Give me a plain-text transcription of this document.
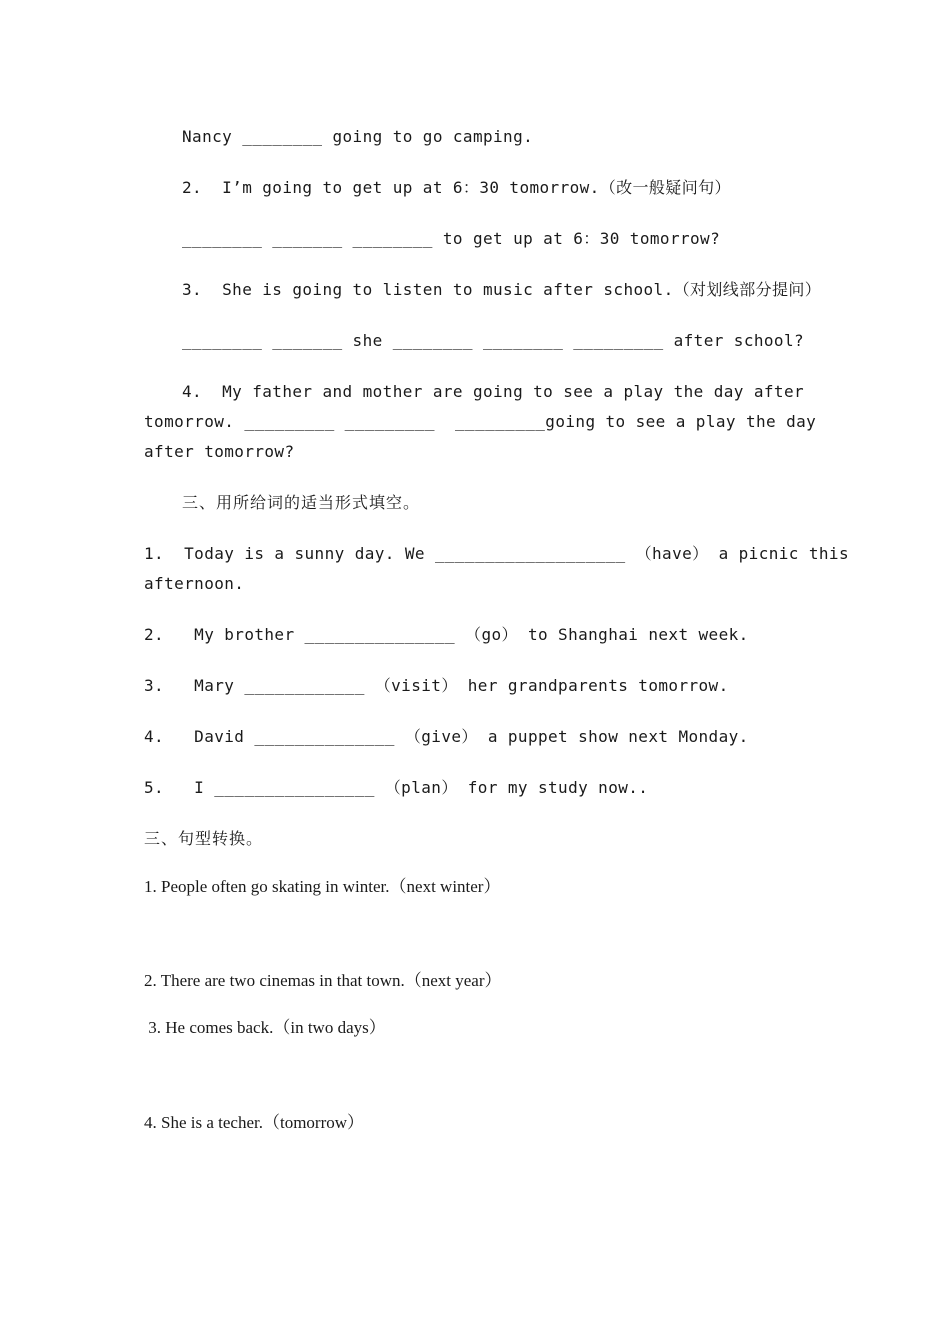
Nancy ________ going to go camping.
2.  I’m going to get up at 6：30 tomorrow.（改一般疑问句）
________ _______ ________ to get up at 6：30 tomorrow?
3.  She is going to listen to music after school.（对划线部分提问）
________ _______ she ________ ________ _________ after school?
4.  My father and mother are going to see a play the day after
tomorrow. _________ _________  _________going to see a play the day
after tomorrow?
三、用所给词的适当形式填空。
1.  Today is a sunny day. We ___________________ （have） a picnic this
afternoon.
2.   My brother _______________ （go） to Shanghai next week.
3.   Mary ____________ （visit） her grandparents tomorrow.
4.   David ______________ （give） a puppet show next Monday.
5.   I ________________ （plan） for my study now..
三、句型转换。
1. People often go skating in winter.（next winter）
2. There are two cinemas in that town.（next year）
3. He comes back.（in two days）
4. She is a techer.（tomorrow）
